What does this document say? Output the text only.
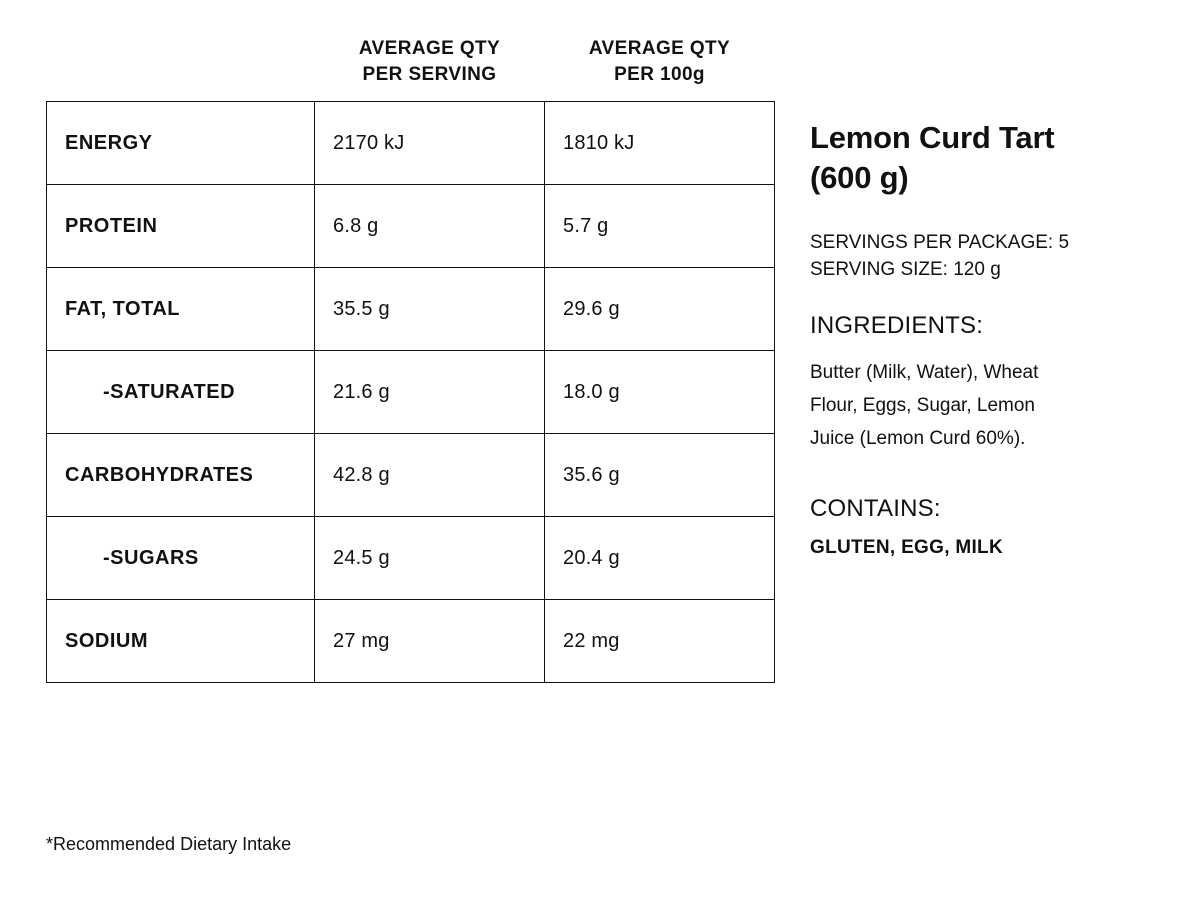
	AVERAGE QTY
PER SERVING	AVERAGE QTY
PER 100g

ENERGY	2170 kJ	1810 kJ
PROTEIN	6.8 g	5.7 g
FAT, TOTAL	35.5 g	29.6 g
-SATURATED	21.6 g	18.0 g
CARBOHYDRATES	42.8 g	35.6 g
-SUGARS	24.5 g	20.4 g
SODIUM	27 mg	22 mg
Lemon Curd Tart
(600 g)
SERVINGS PER PACKAGE: 5
SERVING SIZE: 120 g
INGREDIENTS:

Butter (Milk, Water), Wheat Flour, Eggs, Sugar, Lemon Juice (Lemon Curd 60%).

CONTAINS:
GLUTEN, EGG, MILK
*Recommended Dietary Intake
